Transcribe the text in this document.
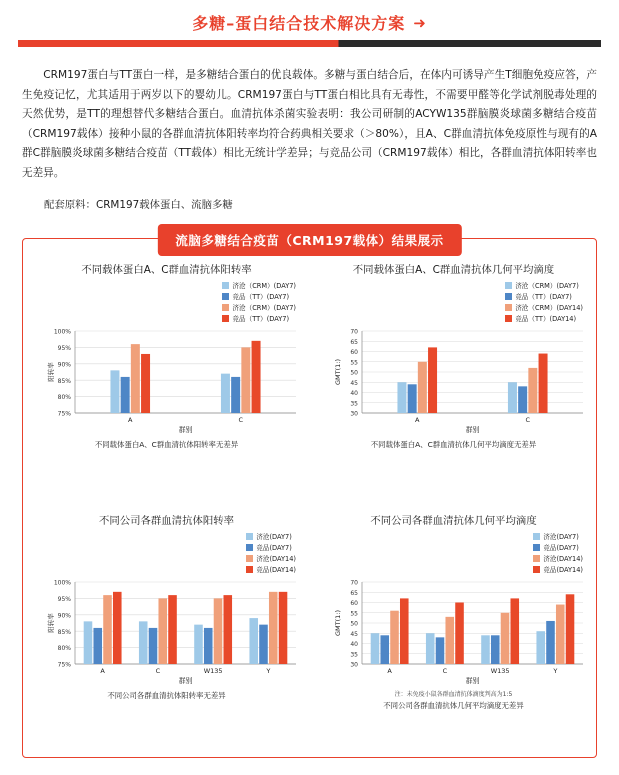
多糖–蛋白结合技术解决方案 ➜
CRM197蛋白与TT蛋白一样，是多糖结合蛋白的优良载体。多糖与蛋白结合后，在体内可诱导产生T细胞免疫应答，产生免疫记忆，尤其适用于两岁以下的婴幼儿。CRM197蛋白与TT蛋白相比具有无毒性，不需要甲醛等化学试剂脱毒处理的天然优势，是TT的理想替代多糖结合蛋白。血清抗体杀菌实验表明：我公司研制的ACYW135群脑膜炎球菌多糖结合疫苗（CRM197载体）接种小鼠的各群血清抗体阳转率均符合药典相关要求（＞80%），且A、C群血清抗体免疫原性与现有的A群C群脑膜炎球菌多糖结合疫苗（TT载体）相比无统计学差异；与竞品公司（CRM197载体）相比，各群血清抗体阳转率也无差异。
配套原料：CRM197载体蛋白、流脑多糖
流脑多糖结合疫苗（CRM197载体）结果展示
不同载体蛋白A、C群血清抗体阳转率
济沧（CRM）(DAY7)
竞品（TT）(DAY7)
济沧（CRM）(DAY7)
竞品（TT）(DAY7)
75%
80%
85%
90%
95%
100%
A	C
群别
阳转率
不同载体蛋白A、C群血清抗体阳转率无差异
不同载体蛋白A、C群血清抗体几何平均滴度
济沧（CRM）(DAY7)
竞品（TT）(DAY7)
济沧（CRM）(DAY14)
竞品（TT）(DAY14)
30
35
40
45
50
55
60
65
70
A	C
群别
GMT(1:)
不同载体蛋白A、C群血清抗体几何平均滴度无差异
不同公司各群血清抗体阳转率
济沧(DAY7)
竞品(DAY7)
济沧(DAY14)
竞品(DAY14)
75%
80%
85%
90%
95%
100%
A	C	W135	Y
群别
阳转率
不同公司各群血清抗体阳转率无差异
不同公司各群血清抗体几何平均滴度
济沧(DAY7)
竞品(DAY7)
济沧(DAY14)
竞品(DAY14)
30
35
40
45
50
55
60
65
70
A	C	W135	Y
群别
GMT(1:)
注：未免疫小鼠各群血清抗体滴度判高为1:5
不同公司各群血清抗体几何平均滴度无差异
